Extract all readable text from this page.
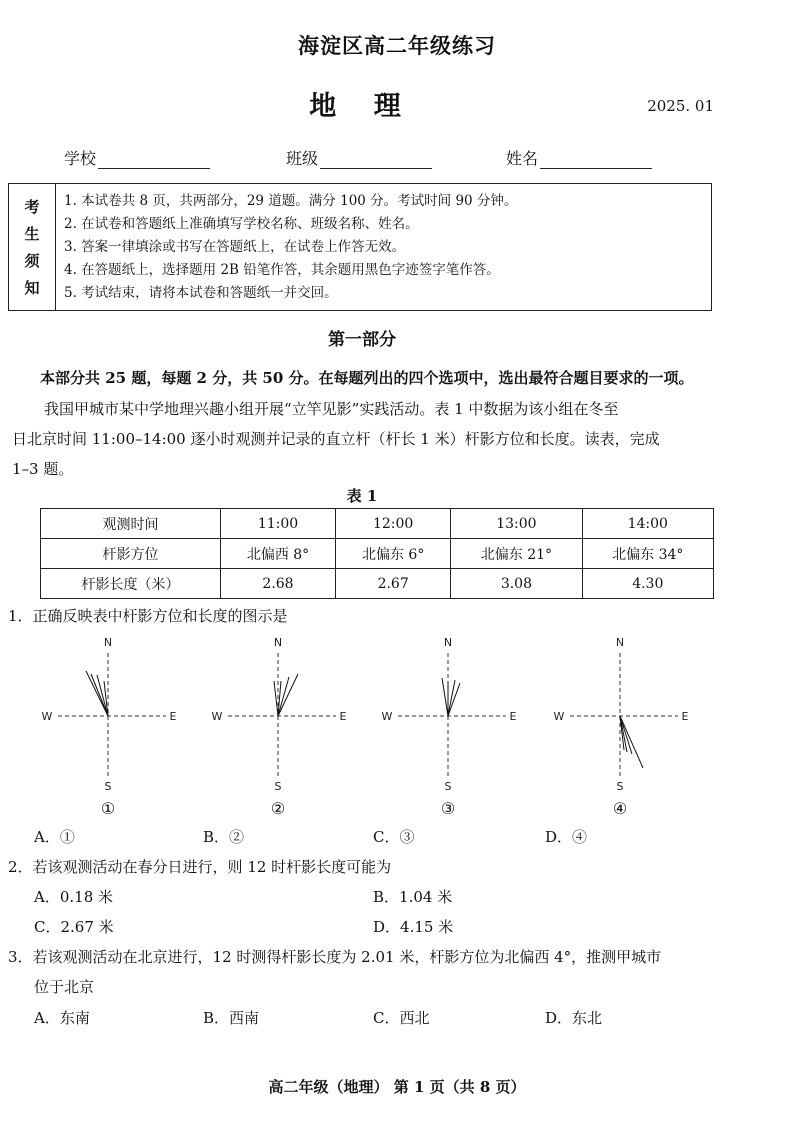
海淀区高二年级练习
地 理	2025. 01
学校	班级	姓名
考
生
须
知
1. 本试卷共 8 页，共两部分，29 道题。满分 100 分。考试时间 90 分钟。
2. 在试卷和答题纸上准确填写学校名称、班级名称、姓名。
3. 答案一律填涂或书写在答题纸上，在试卷上作答无效。
4. 在答题纸上，选择题用 2B 铅笔作答，其余题用黑色字迹签字笔作答。
5. 考试结束，请将本试卷和答题纸一并交回。
第一部分
本部分共 25 题，每题 2 分，共 50 分。在每题列出的四个选项中，选出最符合题目要求的一项。

我国甲城市某中学地理兴趣小组开展“立竿见影”实践活动。表 1 中数据为该小组在冬至

日北京时间 11:00–14:00 逐小时观测并记录的直立杆（杆长 1 米）杆影方位和长度。读表，完成

1–3 题。

表 1
观测时间	11:00	12:00	13:00	14:00
杆影方位	北偏西 8°	北偏东 6°	北偏东 21°	北偏东 34°
杆影长度（米）	2.68	2.67	3.08	4.30
1．正确反映表中杆影方位和长度的图示是
N
S
W	E
①
N
S
W	E
②
N
S
W	E
③
N
S
W	E
④
A．①	B．②	C．③	D．④
2．若该观测活动在春分日进行，则 12 时杆影长度可能为
A．0.18 米	B．1.04 米
C．2.67 米	D．4.15 米
3．若该观测活动在北京进行，12 时测得杆影长度为 2.01 米，杆影方位为北偏西 4°，推测甲城市
位于北京
A．东南	B．西南	C．西北	D．东北
高二年级（地理） 第 1 页（共 8 页）
